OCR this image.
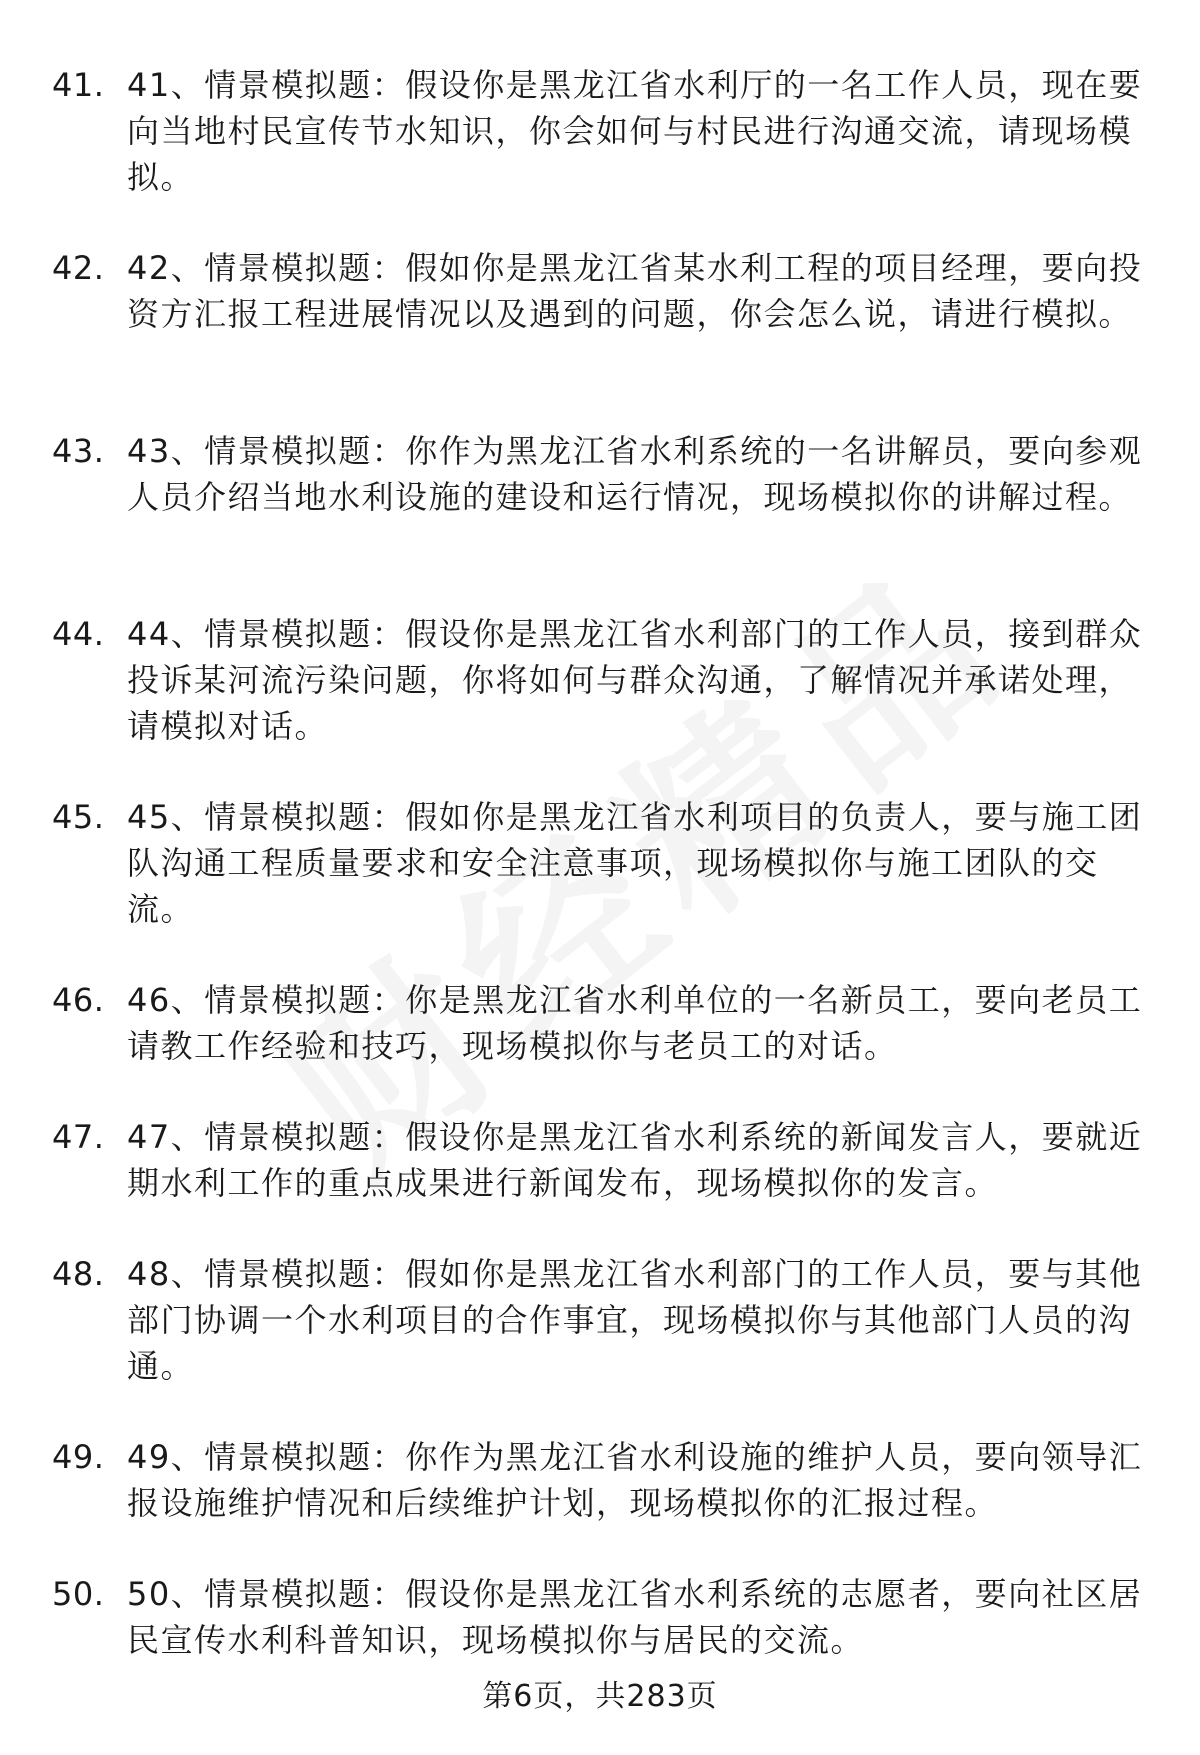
41. 41、情景模拟题：假设你是黑龙江省水利厅的一名工作人员，现在要向当地村民宣传节水知识，你会如何与村民进行沟通交流，请现场模拟。
42. 42、情景模拟题：假如你是黑龙江省某水利工程的项目经理，要向投资方汇报工程进展情况以及遇到的问题，你会怎么说，请进行模拟。
43. 43、情景模拟题：你作为黑龙江省水利系统的一名讲解员，要向参观人员介绍当地水利设施的建设和运行情况，现场模拟你的讲解过程。
44. 44、情景模拟题：假设你是黑龙江省水利部门的工作人员，接到群众投诉某河流污染问题，你将如何与群众沟通，了解情况并承诺处理，请模拟对话。
45. 45、情景模拟题：假如你是黑龙江省水利项目的负责人，要与施工团队沟通工程质量要求和安全注意事项，现场模拟你与施工团队的交流。
46. 46、情景模拟题：你是黑龙江省水利单位的一名新员工，要向老员工请教工作经验和技巧，现场模拟你与老员工的对话。
47. 47、情景模拟题：假设你是黑龙江省水利系统的新闻发言人，要就近期水利工作的重点成果进行新闻发布，现场模拟你的发言。
48. 48、情景模拟题：假如你是黑龙江省水利部门的工作人员，要与其他部门协调一个水利项目的合作事宜，现场模拟你与其他部门人员的沟通。
49. 49、情景模拟题：你作为黑龙江省水利设施的维护人员，要向领导汇报设施维护情况和后续维护计划，现场模拟你的汇报过程。
50. 50、情景模拟题：假设你是黑龙江省水利系统的志愿者，要向社区居民宣传水利科普知识，现场模拟你与居民的交流。
第6页，共283页
